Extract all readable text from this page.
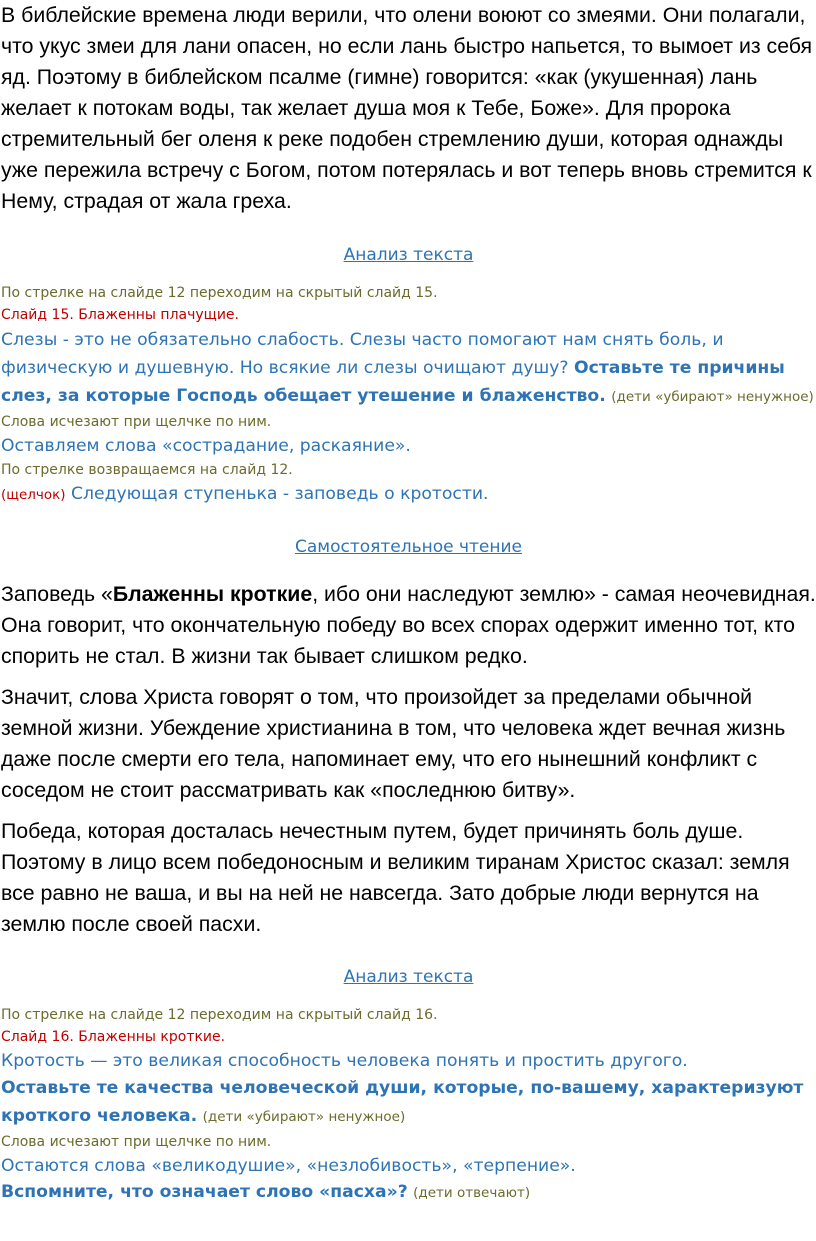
В библейские времена люди верили, что олени воюют со змеями. Они полагали, что укус змеи для лани опасен, но если лань быстро напьется, то вымоет из себя яд. Поэтому в библейском псалме (гимне) говорится: «как (укушенная) лань желает к потокам воды, так желает душа моя к Тебе, Боже». Для пророка стремительный бег оленя к реке подобен стремлению души, которая однажды уже пережила встречу с Богом, потом потерялась и вот теперь вновь стремится к Нему, страдая от жала греха.

Анализ текста

По стрелке на слайде 12 переходим на скрытый слайд 15.

Слайд 15. Блаженны плачущие.

Слезы - это не обязательно слабость. Слезы часто помогают нам снять боль, и физическую и душевную. Но всякие ли слезы очищают душу? Оставьте те причины слез, за которые Господь обещает утешение и блаженство. (дети «убирают» ненужное)

Слова исчезают при щелчке по ним.

Оставляем слова «сострадание, раскаяние».

По стрелке возвращаемся на слайд 12.

(щелчок) Следующая ступенька - заповедь о кротости.

Самостоятельное чтение

Заповедь «Блаженны кроткие, ибо они наследуют землю» - самая неочевидная. Она говорит, что окончательную победу во всех спорах одержит именно тот, кто спорить не стал. В жизни так бывает слишком редко.

Значит, слова Христа говорят о том, что произойдет за пределами обычной земной жизни. Убеждение христианина в том, что человека ждет вечная жизнь даже после смерти его тела, напоминает ему, что его нынешний конфликт с соседом не стоит рассматривать как «последнюю битву».

Победа, которая досталась нечестным путем, будет причинять боль душе. Поэтому в лицо всем победоносным и великим тиранам Христос сказал: земля все равно не ваша, и вы на ней не навсегда. Зато добрые люди вернутся на землю после своей пасхи.

Анализ текста

По стрелке на слайде 12 переходим на скрытый слайд 16.

Слайд 16. Блаженны кроткие.

Кротость — это великая способность человека понять и простить другого.

Оставьте те качества человеческой души, которые, по-вашему, характеризуют кроткого человека. (дети «убирают» ненужное)

Слова исчезают при щелчке по ним.

Остаются слова «великодушие», «незлобивость», «терпение».

Вспомните, что означает слово «пасха»? (дети отвечают)
